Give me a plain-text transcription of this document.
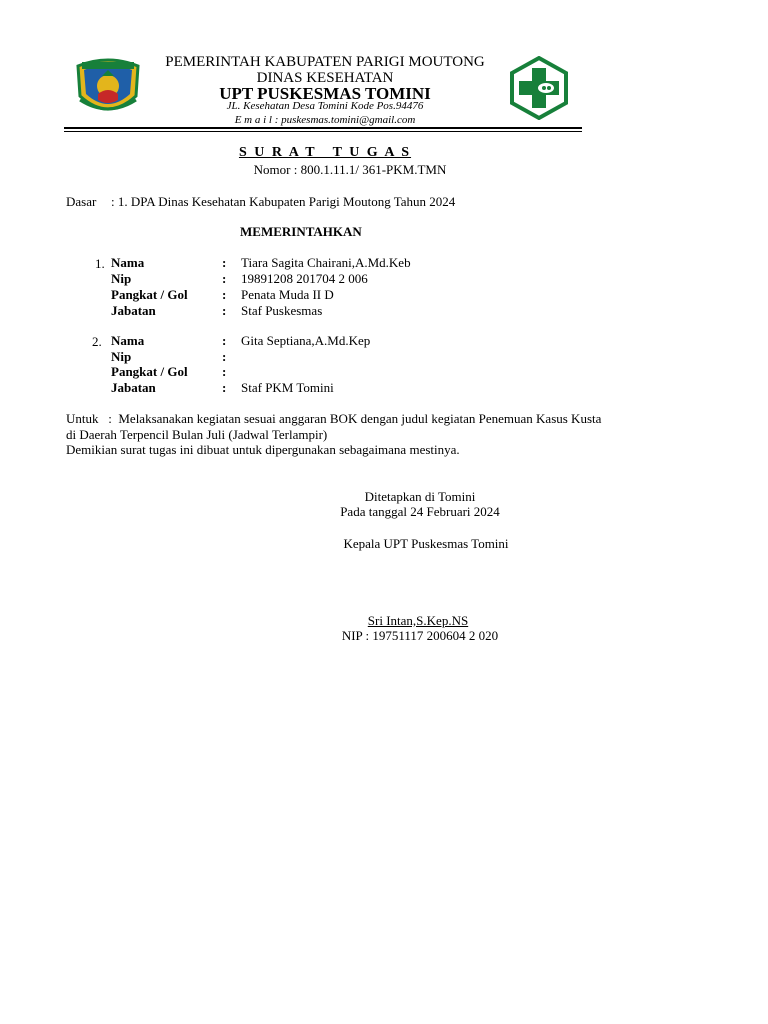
PEMERINTAH KABUPATEN PARIGI MOUTONG
DINAS KESEHATAN
UPT PUSKESMAS TOMINI
JL. Kesehatan Desa Tomini Kode Pos.94476
E m a i l : puskesmas.tomini@gmail.com
S U R A T   T U G A S
Nomor : 800.1.11.1/ 361-PKM.TMN
Dasar : 1. DPA Dinas Kesehatan Kabupaten Parigi Moutong Tahun 2024
MEMERINTAHKAN
1. Nama	: Tiara Sagita Chairani,A.Md.Keb
Nip	: 19891208 201704 2 006
Pangkat / Gol	: Penata Muda II D
Jabatan	: Staf Puskesmas
2. Nama	: Gita Septiana,A.Md.Kep
Nip	:
Pangkat / Gol	:
Jabatan	: Staf PKM Tomini
Untuk   :  Melaksanakan kegiatan sesuai anggaran BOK dengan judul kegiatan Penemuan Kasus Kusta
di Daerah Terpencil Bulan Juli (Jadwal Terlampir)
Demikian surat tugas ini dibuat untuk dipergunakan sebagaimana mestinya.
Ditetapkan di Tomini
Pada tanggal 24 Februari 2024
Kepala UPT Puskesmas Tomini
Sri Intan,S.Kep.NS
NIP : 19751117 200604 2 020
